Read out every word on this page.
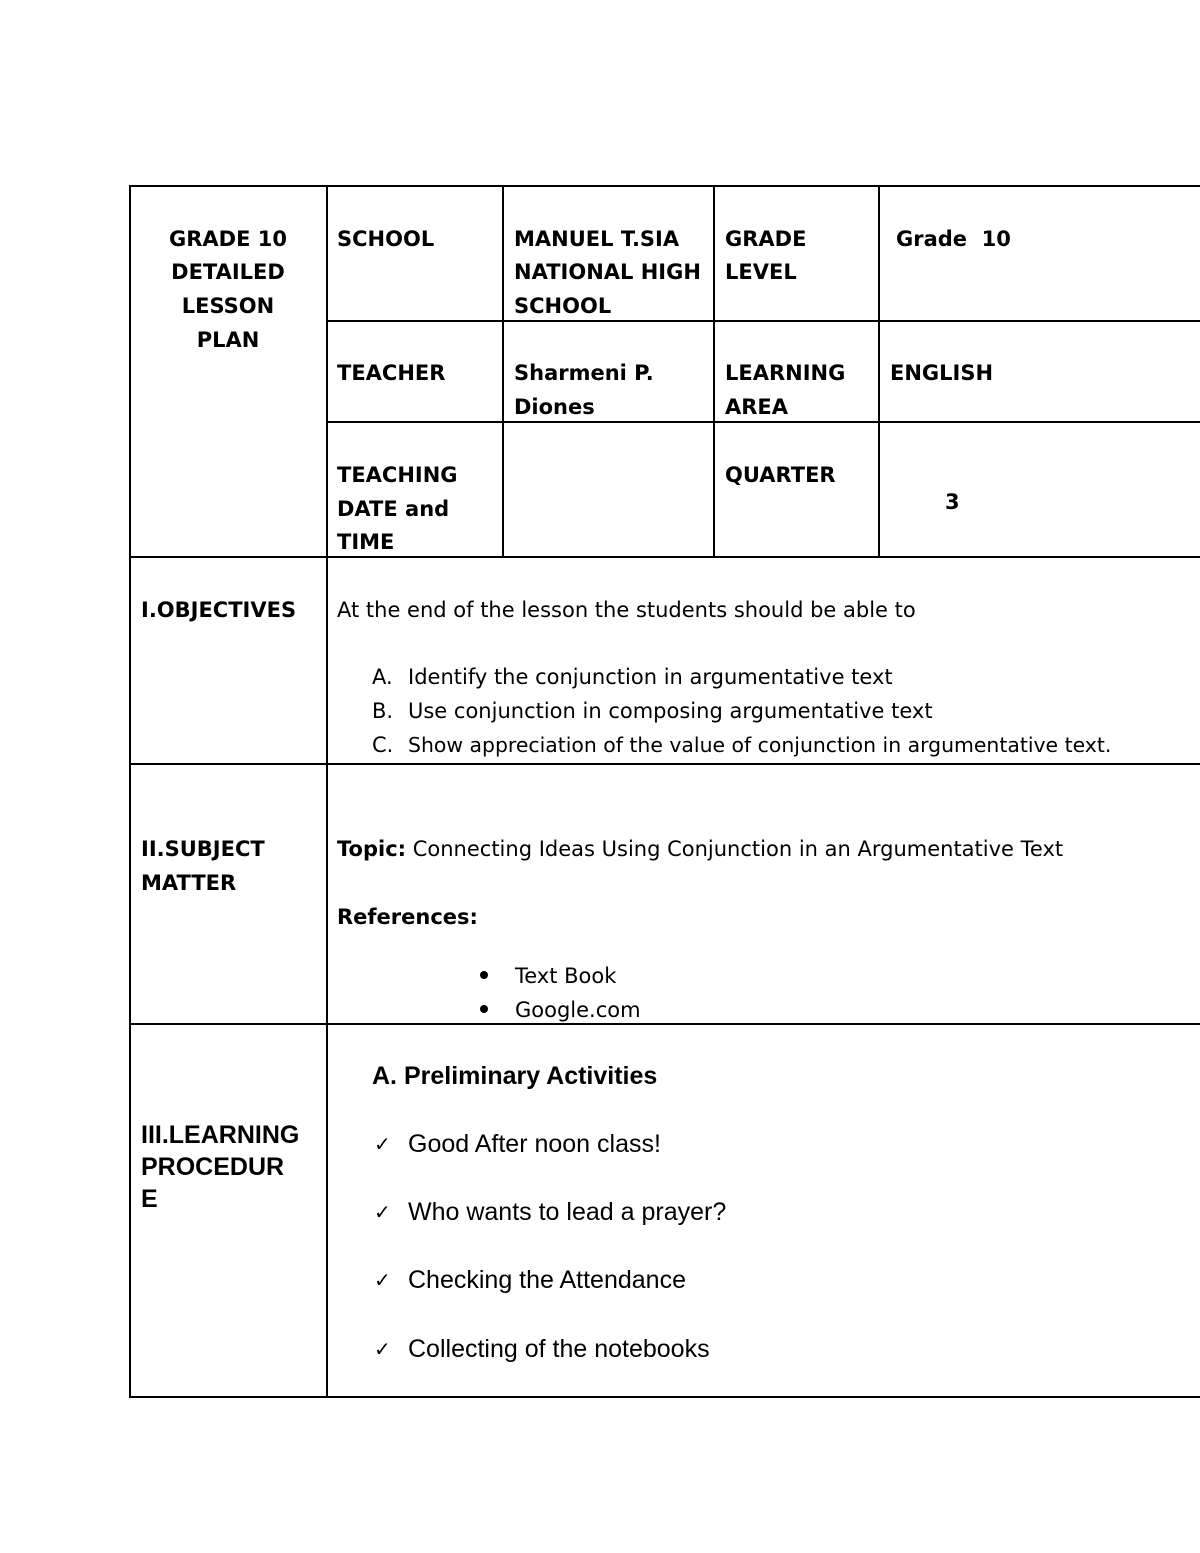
GRADE 10
DETAILED
LESSON
PLAN
SCHOOL	MANUEL T.SIA
NATIONAL HIGH
SCHOOL
GRADE
LEVEL
Grade  10
TEACHER	Sharmeni P.
Diones
LEARNING
AREA
ENGLISH
TEACHING
DATE and
TIME
QUARTER
3
I.OBJECTIVES At the end of the lesson the students should be able to
A. Identify the conjunction in argumentative text
B. Use conjunction in composing argumentative text
C. Show appreciation of the value of conjunction in argumentative text.
II.SUBJECT
MATTER
Topic: Connecting Ideas Using Conjunction in an Argumentative Text
References:
Text Book
Google.com
III.LEARNING
PROCEDUR
E
A. Preliminary Activities
✓ Good After noon class!
✓ Who wants to lead a prayer?
✓ Checking the Attendance
✓ Collecting of the notebooks
